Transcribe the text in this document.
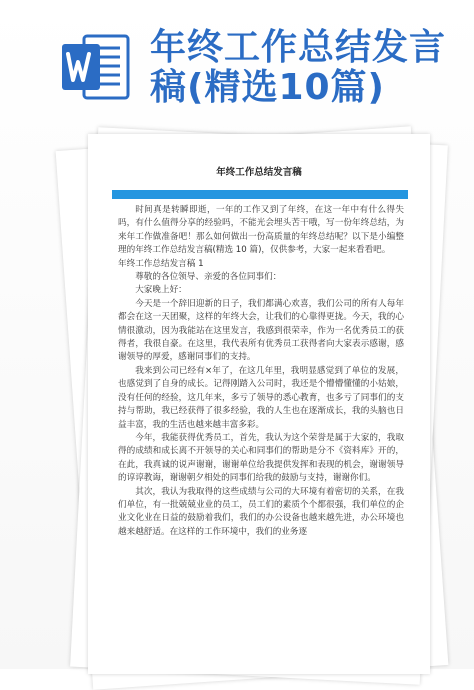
年终工作总结发言
稿(精选10篇)
年终工作总结发言稿

时间真是转瞬即逝，一年的工作又到了年终，在这一年中有什么得失吗，有什么值得分享的经验吗，不能光会埋头苦干哦，写一份年终总结，为来年工作做准备吧！那么如何做出一份高质量的年终总结呢？以下是小编整理的年终工作总结发言稿(精选 10 篇)，仅供参考，大家一起来看看吧。

年终工作总结发言稿 1

尊敬的各位领导、亲爱的各位同事们：

大家晚上好：

今天是一个辞旧迎新的日子，我们都满心欢喜，我们公司的所有人每年都会在这一天团聚，这样的年终大会，让我们的心靠得更拢。今天，我的心情很激动，因为我能站在这里发言，我感到很荣幸，作为一名优秀员工的获得者，我很自豪。在这里，我代表所有优秀员工获得者向大家表示感谢，感谢领导的厚爱，感谢同事们的支持。

我来到公司已经有×年了，在这几年里，我明显感觉到了单位的发展，也感觉到了自身的成长。记得刚踏入公司时，我还是个懵懵懂懂的小姑娘，没有任何的经验，这几年来，多亏了领导的悉心教育，也多亏了同事们的支持与帮助，我已经获得了很多经验，我的人生也在逐渐成长，我的头脑也日益丰富，我的生活也越来越丰富多彩。

今年，我能获得优秀员工，首先，我认为这个荣誉是属于大家的，我取得的成绩和成长离不开领导的关心和同事们的帮助是分不《资料库》开的，在此，我真诚的说声谢谢，谢谢单位给我提供发挥和表现的机会，谢谢领导的谆谆教诲，谢谢朝夕相处的同事们给我的鼓励与支持，谢谢你们。

其次，我认为我取得的这些成绩与公司的大环境有着密切的关系，在我们单位，有一批兢兢业业的员工，员工们的素质个个都很强，我们单位的企业文化业在日益的鼓励着我们，我们的办公设备也越来越先进，办公环境也越来越舒适。在这样的工作环境中，我们的业务逐
